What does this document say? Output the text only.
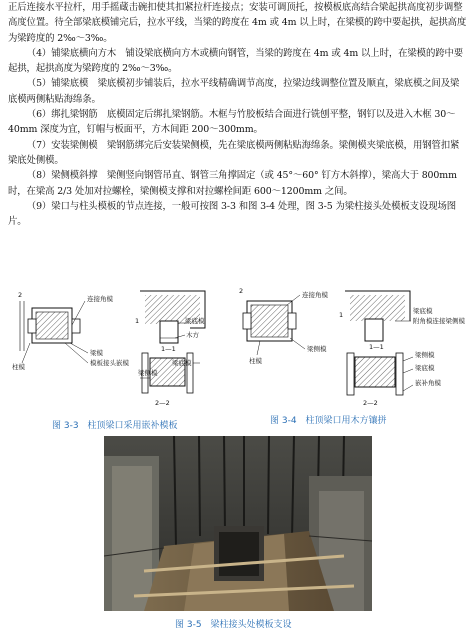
正后连接水平拉杆，用手摇蔵击碗扣使其扣紧拉杆连接点；安装可调顶托，按模板底高结合梁起拱高度初步调整高度位置。待全部梁底模铺完后，拉水平线，当梁的跨度在 4m 或 4m 以上时，在梁模的跨中要起拱，起拱高度为梁跨度的 2‰～3‰。

（4）铺梁底横向方木　铺设梁底横向方木或横向钢管，当梁的跨度在 4m 或 4m 以上时，在梁模的跨中要起拱，起拱高度为梁跨度的 2‰～3‰。

（5）铺梁底模　梁底模初步铺装后，拉水平线精确调节高度，拉梁边线调整位置及顺直，梁底模之间及梁底模两侧粘贴海绵条。

（6）绑扎梁钢筋　底模固定后绑扎梁钢筋。木框与竹胶板结合面进行铣刨平整，钢钉以及进入木框 30～40mm 深度为宜，钉帽与板面平，方木间距 200～300mm。

（7）安装梁侧模　梁钢筋绑完后安装梁侧模，先在梁底模两侧粘贴海绵条。梁侧模夹梁底模，用钢管扣紧梁底处侧模。

（8）梁侧模斜撑　梁侧竖向钢管吊直、钢管三角撑固定（或 45°～60° 钉方木斜撑），梁高大于 800mm 时，在梁高 2/3 处加对拉螺栓，梁侧模支撑和对拉螺栓间距 600～1200mm 之间。

（9）梁口与柱头模板的节点连接，一般可按图 3-3 和图 3-4 处理，图 3-5 为梁柱接头处模板支设现场图片。

2	连接角模
梁模
模板接头嵌模
柱模
梁底模
木方
1—1
梁底模
梁侧模
2—2
1
2	连接角模
梁侧模
柱模
梁底模
附角模连接梁侧模
1—1
1
梁侧模
梁底模
嵌补角模
2—2
图 3-3　柱顶梁口采用嵌补模板	图 3-4　柱顶梁口用木方镶拼
图 3-5　梁柱接头处模板支设
